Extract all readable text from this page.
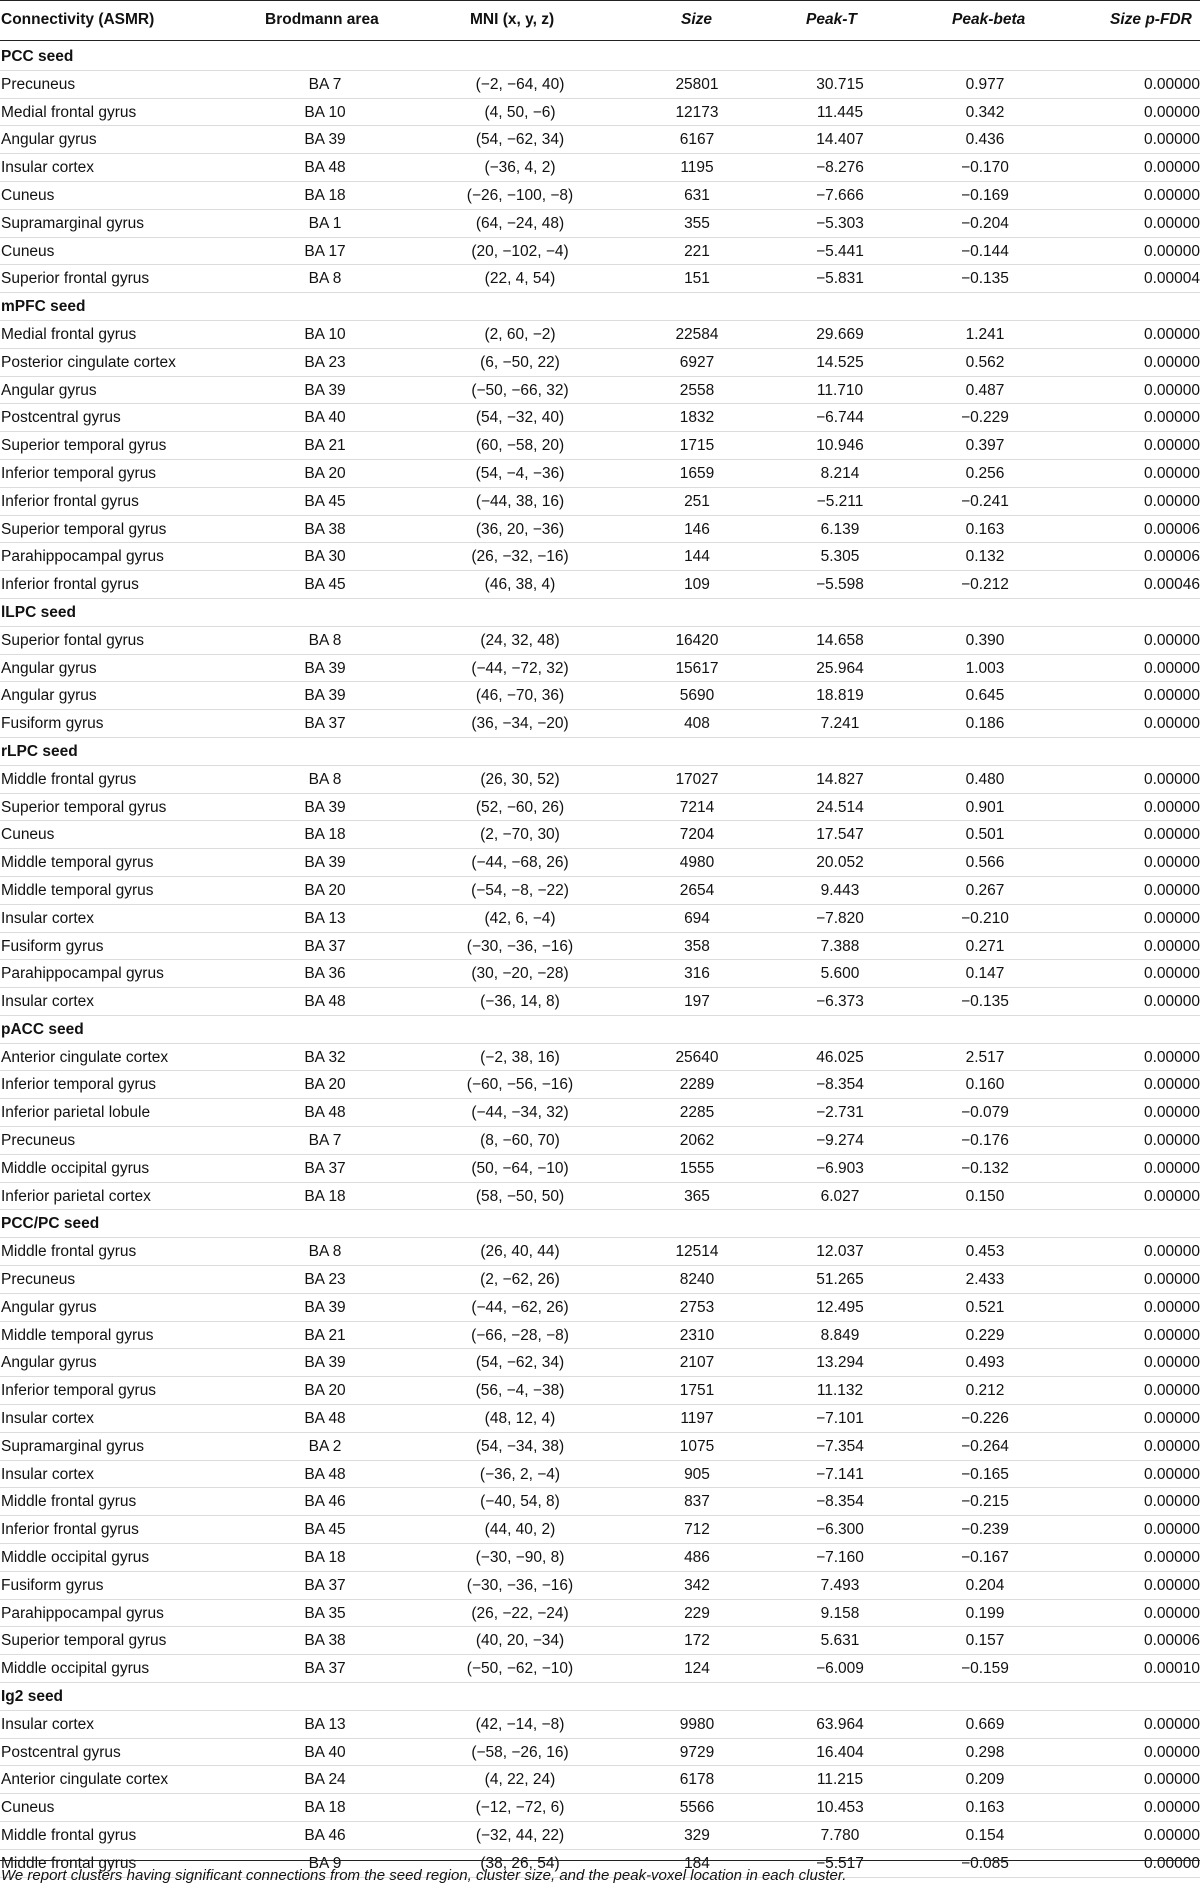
Connectivity (ASMR)	Brodmann area	MNI (x, y, z)	Size	Peak-T	Peak-beta	Size p-FDR
PCC seed
Precuneus	BA 7	(−2, −64, 40)	25801	30.715	0.977	0.00000
Medial frontal gyrus	BA 10	(4, 50, −6)	12173	11.445	0.342	0.00000
Angular gyrus	BA 39	(54, −62, 34)	6167	14.407	0.436	0.00000
Insular cortex	BA 48	(−36, 4, 2)	1195	−8.276	−0.170	0.00000
Cuneus	BA 18	(−26, −100, −8)	631	−7.666	−0.169	0.00000
Supramarginal gyrus	BA 1	(64, −24, 48)	355	−5.303	−0.204	0.00000
Cuneus	BA 17	(20, −102, −4)	221	−5.441	−0.144	0.00000
Superior frontal gyrus	BA 8	(22, 4, 54)	151	−5.831	−0.135	0.00004
mPFC seed
Medial frontal gyrus	BA 10	(2, 60, −2)	22584	29.669	1.241	0.00000
Posterior cingulate cortex	BA 23	(6, −50, 22)	6927	14.525	0.562	0.00000
Angular gyrus	BA 39	(−50, −66, 32)	2558	11.710	0.487	0.00000
Postcentral gyrus	BA 40	(54, −32, 40)	1832	−6.744	−0.229	0.00000
Superior temporal gyrus	BA 21	(60, −58, 20)	1715	10.946	0.397	0.00000
Inferior temporal gyrus	BA 20	(54, −4, −36)	1659	8.214	0.256	0.00000
Inferior frontal gyrus	BA 45	(−44, 38, 16)	251	−5.211	−0.241	0.00000
Superior temporal gyrus	BA 38	(36, 20, −36)	146	6.139	0.163	0.00006
Parahippocampal gyrus	BA 30	(26, −32, −16)	144	5.305	0.132	0.00006
Inferior frontal gyrus	BA 45	(46, 38, 4)	109	−5.598	−0.212	0.00046
lLPC seed
Superior fontal gyrus	BA 8	(24, 32, 48)	16420	14.658	0.390	0.00000
Angular gyrus	BA 39	(−44, −72, 32)	15617	25.964	1.003	0.00000
Angular gyrus	BA 39	(46, −70, 36)	5690	18.819	0.645	0.00000
Fusiform gyrus	BA 37	(36, −34, −20)	408	7.241	0.186	0.00000
rLPC seed
Middle frontal gyrus	BA 8	(26, 30, 52)	17027	14.827	0.480	0.00000
Superior temporal gyrus	BA 39	(52, −60, 26)	7214	24.514	0.901	0.00000
Cuneus	BA 18	(2, −70, 30)	7204	17.547	0.501	0.00000
Middle temporal gyrus	BA 39	(−44, −68, 26)	4980	20.052	0.566	0.00000
Middle temporal gyrus	BA 20	(−54, −8, −22)	2654	9.443	0.267	0.00000
Insular cortex	BA 13	(42, 6, −4)	694	−7.820	−0.210	0.00000
Fusiform gyrus	BA 37	(−30, −36, −16)	358	7.388	0.271	0.00000
Parahippocampal gyrus	BA 36	(30, −20, −28)	316	5.600	0.147	0.00000
Insular cortex	BA 48	(−36, 14, 8)	197	−6.373	−0.135	0.00000
pACC seed
Anterior cingulate cortex	BA 32	(−2, 38, 16)	25640	46.025	2.517	0.00000
Inferior temporal gyrus	BA 20	(−60, −56, −16)	2289	−8.354	0.160	0.00000
Inferior parietal lobule	BA 48	(−44, −34, 32)	2285	−2.731	−0.079	0.00000
Precuneus	BA 7	(8, −60, 70)	2062	−9.274	−0.176	0.00000
Middle occipital gyrus	BA 37	(50, −64, −10)	1555	−6.903	−0.132	0.00000
Inferior parietal cortex	BA 18	(58, −50, 50)	365	6.027	0.150	0.00000
PCC/PC seed
Middle frontal gyrus	BA 8	(26, 40, 44)	12514	12.037	0.453	0.00000
Precuneus	BA 23	(2, −62, 26)	8240	51.265	2.433	0.00000
Angular gyrus	BA 39	(−44, −62, 26)	2753	12.495	0.521	0.00000
Middle temporal gyrus	BA 21	(−66, −28, −8)	2310	8.849	0.229	0.00000
Angular gyrus	BA 39	(54, −62, 34)	2107	13.294	0.493	0.00000
Inferior temporal gyrus	BA 20	(56, −4, −38)	1751	11.132	0.212	0.00000
Insular cortex	BA 48	(48, 12, 4)	1197	−7.101	−0.226	0.00000
Supramarginal gyrus	BA 2	(54, −34, 38)	1075	−7.354	−0.264	0.00000
Insular cortex	BA 48	(−36, 2, −4)	905	−7.141	−0.165	0.00000
Middle frontal gyrus	BA 46	(−40, 54, 8)	837	−8.354	−0.215	0.00000
Inferior frontal gyrus	BA 45	(44, 40, 2)	712	−6.300	−0.239	0.00000
Middle occipital gyrus	BA 18	(−30, −90, 8)	486	−7.160	−0.167	0.00000
Fusiform gyrus	BA 37	(−30, −36, −16)	342	7.493	0.204	0.00000
Parahippocampal gyrus	BA 35	(26, −22, −24)	229	9.158	0.199	0.00000
Superior temporal gyrus	BA 38	(40, 20, −34)	172	5.631	0.157	0.00006
Middle occipital gyrus	BA 37	(−50, −62, −10)	124	−6.009	−0.159	0.00010
Ig2 seed
Insular cortex	BA 13	(42, −14, −8)	9980	63.964	0.669	0.00000
Postcentral gyrus	BA 40	(−58, −26, 16)	9729	16.404	0.298	0.00000
Anterior cingulate cortex	BA 24	(4, 22, 24)	6178	11.215	0.209	0.00000
Cuneus	BA 18	(−12, −72, 6)	5566	10.453	0.163	0.00000
Middle frontal gyrus	BA 46	(−32, 44, 22)	329	7.780	0.154	0.00000
Middle frontal gyrus	BA 9	(38, 26, 54)	184	−5.517	−0.085	0.00000
We report clusters having significant connections from the seed region, cluster size, and the peak-voxel location in each cluster.
